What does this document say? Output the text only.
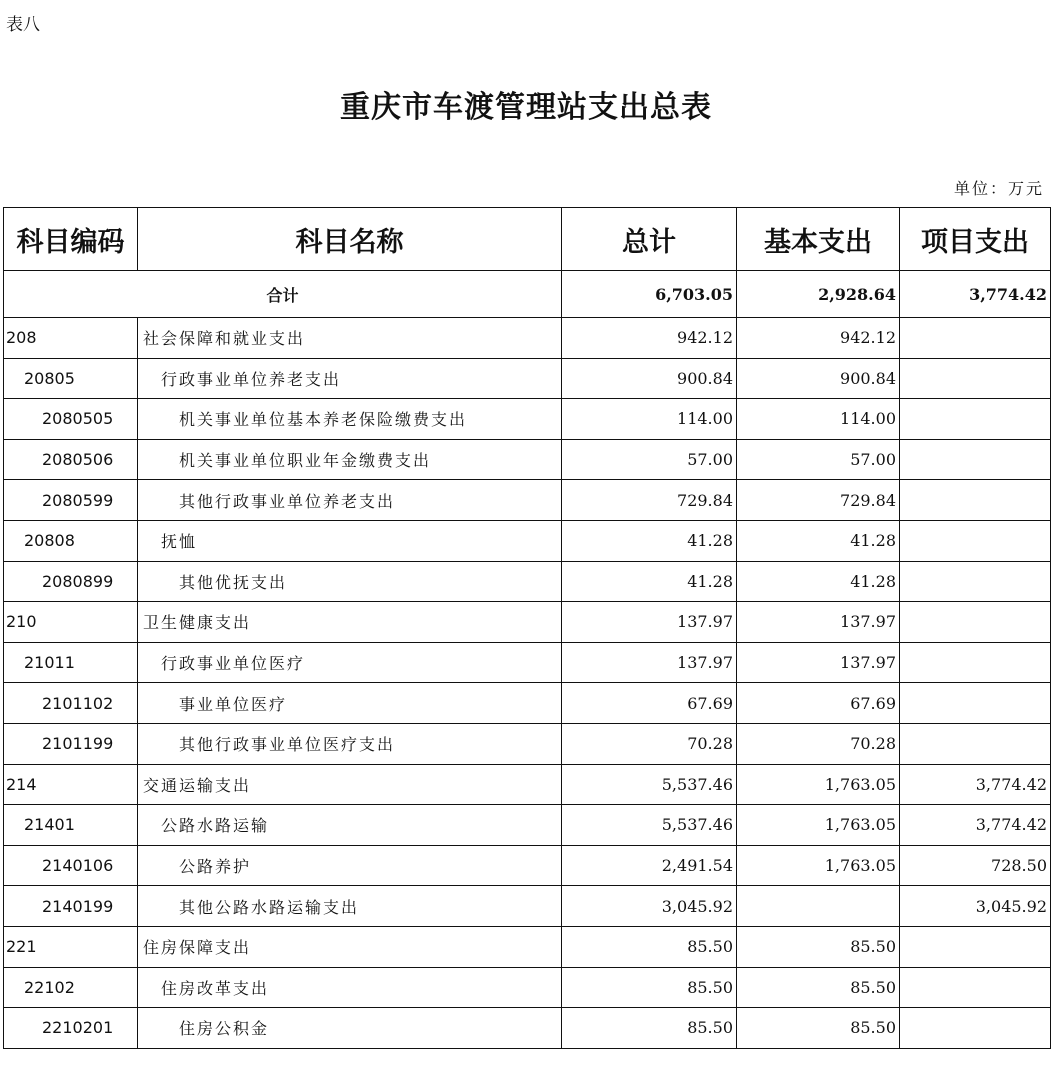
表八
重庆市车渡管理站支出总表
单位：万元
科目编码	科目名称	总计	基本支出	项目支出
合计		6,703.05	2,928.64	3,774.42
208	社会保障和就业支出	942.12	942.12	
20805	行政事业单位养老支出	900.84	900.84	
2080505	机关事业单位基本养老保险缴费支出	114.00	114.00	
2080506	机关事业单位职业年金缴费支出	57.00	57.00	
2080599	其他行政事业单位养老支出	729.84	729.84	
20808	抚恤	41.28	41.28	
2080899	其他优抚支出	41.28	41.28	
210	卫生健康支出	137.97	137.97	
21011	行政事业单位医疗	137.97	137.97	
2101102	事业单位医疗	67.69	67.69	
2101199	其他行政事业单位医疗支出	70.28	70.28	
214	交通运输支出	5,537.46	1,763.05	3,774.42
21401	公路水路运输	5,537.46	1,763.05	3,774.42
2140106	公路养护	2,491.54	1,763.05	728.50
2140199	其他公路水路运输支出	3,045.92		3,045.92
221	住房保障支出	85.50	85.50	
22102	住房改革支出	85.50	85.50	
2210201	住房公积金	85.50	85.50	
